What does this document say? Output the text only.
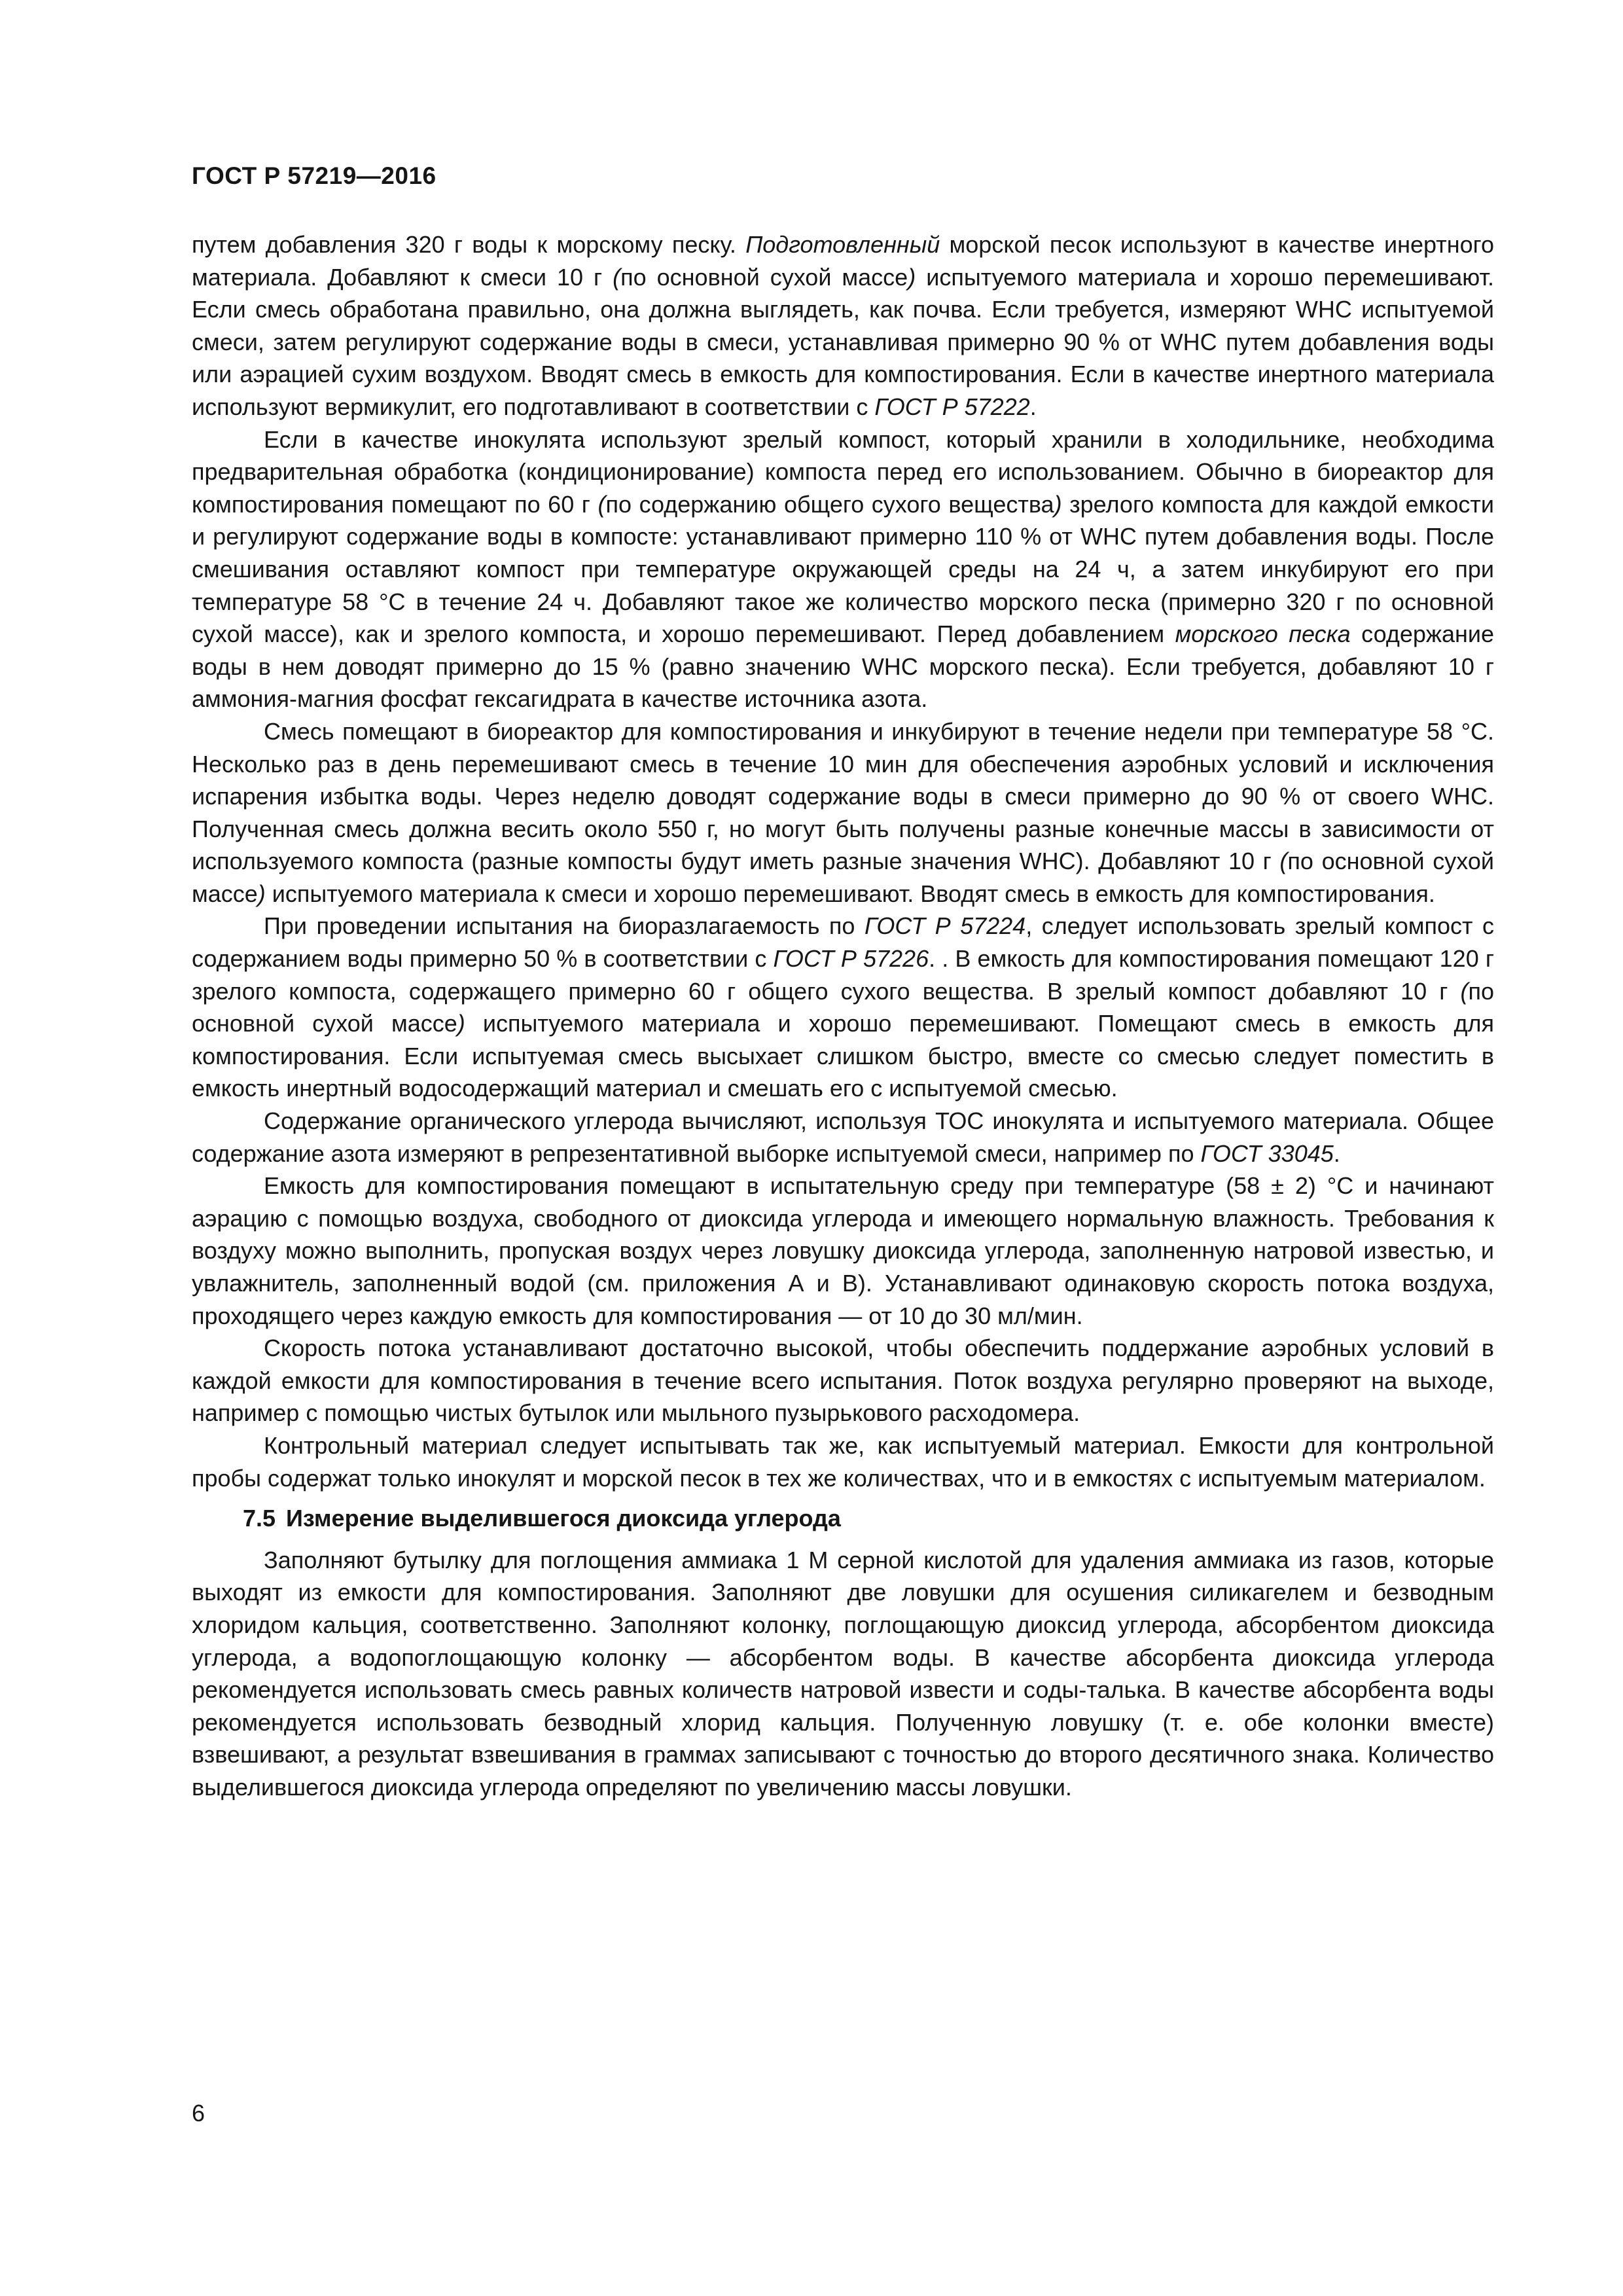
ГОСТ Р 57219—2016

путем добавления 320 г воды к морскому песку. Подготовленный морской песок используют в качестве инертного материала. Добавляют к смеси 10 г (по основной сухой массе) испытуемого материала и хорошо перемешивают. Если смесь обработана правильно, она должна выглядеть, как почва. Если требуется, измеряют WHC испытуемой смеси, затем регулируют содержание воды в смеси, устанавливая примерно 90 % от WHC путем добавления воды или аэрацией сухим воздухом. Вводят смесь в емкость для компостирования. Если в качестве инертного материала используют вермикулит, его подготавливают в соответствии с ГОСТ Р 57222.

Если в качестве инокулята используют зрелый компост, который хранили в холодильнике, необходима предварительная обработка (кондиционирование) компоста перед его использованием. Обычно в биореактор для компостирования помещают по 60 г (по содержанию общего сухого вещества) зрелого компоста для каждой емкости и регулируют содержание воды в компосте: устанавливают примерно 110 % от WHC путем добавления воды. После смешивания оставляют компост при температуре окружающей среды на 24 ч, а затем инкубируют его при температуре 58 °С в течение 24 ч. Добавляют такое же количество морского песка (примерно 320 г по основной сухой массе), как и зрелого компоста, и хорошо перемешивают. Перед добавлением морского песка содержание воды в нем доводят примерно до 15 % (равно значению WHC морского песка). Если требуется, добавляют 10 г аммония-магния фосфат гексагидрата в качестве источника азота.

Смесь помещают в биореактор для компостирования и инкубируют в течение недели при температуре 58 °С. Несколько раз в день перемешивают смесь в течение 10 мин для обеспечения аэробных условий и исключения испарения избытка воды. Через неделю доводят содержание воды в смеси примерно до 90 % от своего WHC. Полученная смесь должна весить около 550 г, но могут быть получены разные конечные массы в зависимости от используемого компоста (разные компосты будут иметь разные значения WHC). Добавляют 10 г (по основной сухой массе) испытуемого материала к смеси и хорошо перемешивают. Вводят смесь в емкость для компостирования.

При проведении испытания на биоразлагаемость по ГОСТ Р 57224, следует использовать зрелый компост с содержанием воды примерно 50 % в соответствии с ГОСТ Р 57226. . В емкость для компостирования помещают 120 г зрелого компоста, содержащего примерно 60 г общего сухого вещества. В зрелый компост добавляют 10 г (по основной сухой массе) испытуемого материала и хорошо перемешивают. Помещают смесь в емкость для компостирования. Если испытуемая смесь высыхает слишком быстро, вместе со смесью следует поместить в емкость инертный водосодержащий материал и смешать его с испытуемой смесью.

Содержание органического углерода вычисляют, используя ТОС инокулята и испытуемого материала. Общее содержание азота измеряют в репрезентативной выборке испытуемой смеси, например по ГОСТ 33045.

Емкость для компостирования помещают в испытательную среду при температуре (58 ± 2) °С и начинают аэрацию с помощью воздуха, свободного от диоксида углерода и имеющего нормальную влажность. Требования к воздуху можно выполнить, пропуская воздух через ловушку диоксида углерода, заполненную натровой известью, и увлажнитель, заполненный водой (см. приложения А и В). Устанавливают одинаковую скорость потока воздуха, проходящего через каждую емкость для компостирования — от 10 до 30 мл/мин.

Скорость потока устанавливают достаточно высокой, чтобы обеспечить поддержание аэробных условий в каждой емкости для компостирования в течение всего испытания. Поток воздуха регулярно проверяют на выходе, например с помощью чистых бутылок или мыльного пузырькового расходомера.

Контрольный материал следует испытывать так же, как испытуемый материал. Емкости для контрольной пробы содержат только инокулят и морской песок в тех же количествах, что и в емкостях с испытуемым материалом.

7.5 Измерение выделившегося диоксида углерода

Заполняют бутылку для поглощения аммиака 1 М серной кислотой для удаления аммиака из газов, которые выходят из емкости для компостирования. Заполняют две ловушки для осушения силикагелем и безводным хлоридом кальция, соответственно. Заполняют колонку, поглощающую диоксид углерода, абсорбентом диоксида углерода, а водопоглощающую колонку — абсорбентом воды. В качестве абсорбента диоксида углерода рекомендуется использовать смесь равных количеств натровой извести и соды-талька. В качестве абсорбента воды рекомендуется использовать безводный хлорид кальция. Полученную ловушку (т. е. обе колонки вместе) взвешивают, а результат взвешивания в граммах записывают с точностью до второго десятичного знака. Количество выделившегося диоксида углерода определяют по увеличению массы ловушки.

6
